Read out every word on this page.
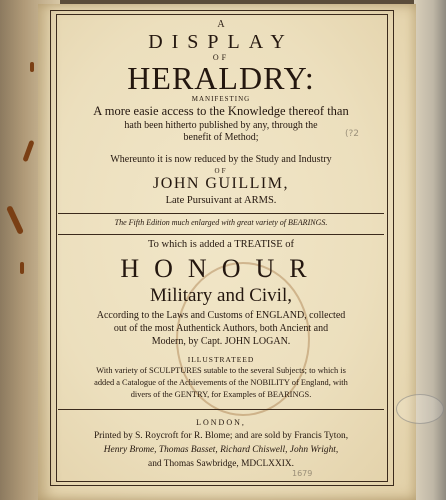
A
DISPLAY
OF
HERALDRY:
MANIFESTING
A more easie access to the Knowledge thereof than
hath been hitherto published by any, through the
benefit of Method;	(?2
Whereunto it is now reduced by the Study and Industry
OF
JOHN GUILLIM,
Late Pursuivant at ARMS.
The Fifth Edition much enlarged with great variety of BEARINGS.
To which is added a TREATISE of
HONOUR
Military and Civil,
According to the Laws and Customs of ENGLAND, collected
out of the most Authentick Authors, both Ancient and
Modern, by Capt. JOHN LOGAN.
ILLUSTRATEED
With variety of SCULPTURES sutable to the several Subjects; to which is
added a Catalogue of the Achievements of the NOBILITY of England, with
divers of the GENTRY, for Examples of BEARINGS.
LONDON,
Printed by S. Roycroft for R. Blome; and are sold by Francis Tyton,
Henry Brome, Thomas Basset, Richard Chiswell, John Wright,
and Thomas Sawbridge, MDCLXXIX.
1679
